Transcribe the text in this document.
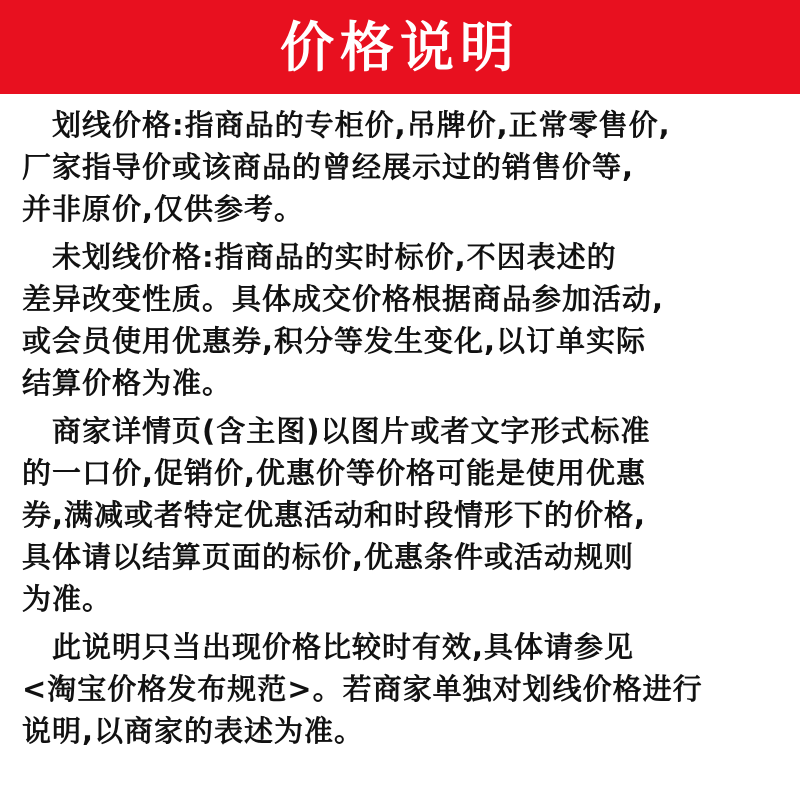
价格说明
　划线价格:指商品的专柜价,吊牌价,正常零售价,
厂家指导价或该商品的曾经展示过的销售价等,
并非原价,仅供参考。
　未划线价格:指商品的实时标价,不因表述的
差异改变性质。具体成交价格根据商品参加活动,
或会员使用优惠券,积分等发生变化,以订单实际
结算价格为准。
　商家详情页(含主图)以图片或者文字形式标准
的一口价,促销价,优惠价等价格可能是使用优惠
券,满减或者特定优惠活动和时段情形下的价格,
具体请以结算页面的标价,优惠条件或活动规则
为准。
　此说明只当出现价格比较时有效,具体请参见
<淘宝价格发布规范>。若商家单独对划线价格进行
说明,以商家的表述为准。
